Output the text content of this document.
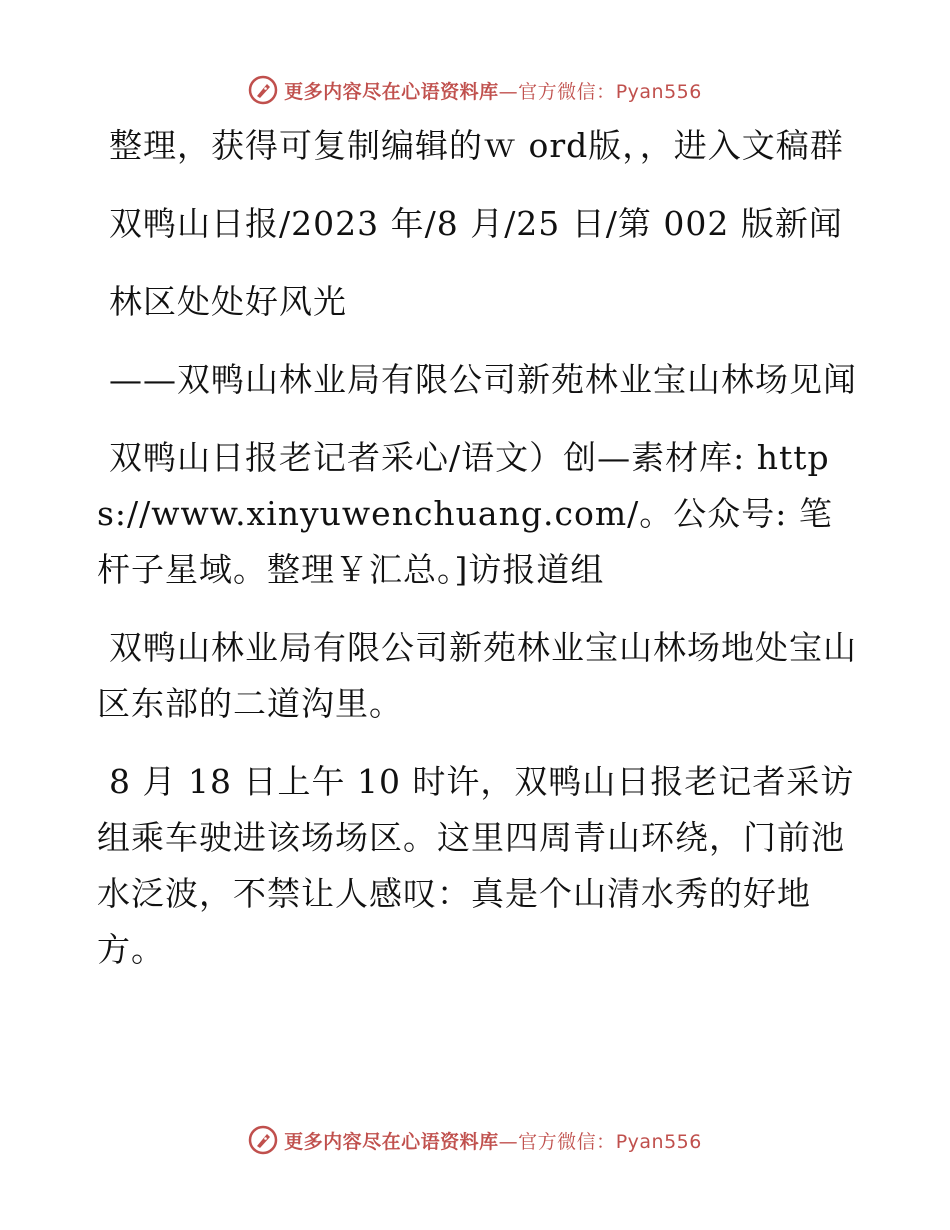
更多内容尽在心语资料库—官方微信：Pyan556

整理，获得可复制编辑的ｗ ord版，，进入文稿群

双鸭山日报/2023 年/8 月/25 日/第 002 版新闻

林区处处好风光

——双鸭山林业局有限公司新苑林业宝山林场见闻

双鸭山日报老记者采心/语文）创—素材库: https://www.xinyuwenchuang.com/。公众号: 笔杆子星域。整理￥汇总。]访报道组

双鸭山林业局有限公司新苑林业宝山林场地处宝山区东部的二道沟里。

8 月 18 日上午 10 时许，双鸭山日报老记者采访组乘车驶进该场场区。这里四周青山环绕，门前池水泛波，不禁让人感叹：真是个山清水秀的好地方。

更多内容尽在心语资料库—官方微信：Pyan556
